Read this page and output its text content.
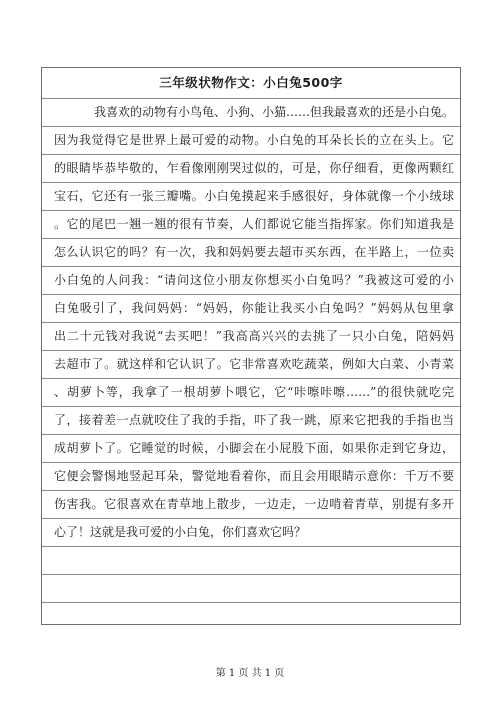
三年级状物作文：小白兔500字
我喜欢的动物有小鸟龟、小狗、小猫……但我最喜欢的还是小白兔。
因为我觉得它是世界上最可爱的动物。小白兔的耳朵长长的立在头上。它
的眼睛毕恭毕敬的，乍看像刚刚哭过似的，可是，你仔细看，更像两颗红
宝石，它还有一张三瓣嘴。小白兔摸起来手感很好，身体就像一个小绒球
。它的尾巴一翘一翘的很有节奏，人们都说它能当指挥家。你们知道我是
怎么认识它的吗？有一次，我和妈妈要去超市买东西，在半路上，一位卖
小白兔的人问我：“请问这位小朋友你想买小白兔吗？”我被这可爱的小
白兔吸引了，我问妈妈：“妈妈，你能让我买小白兔吗？”妈妈从包里拿
出二十元钱对我说“去买吧！”我高高兴兴的去挑了一只小白兔，陪妈妈
去超市了。就这样和它认识了。它非常喜欢吃蔬菜，例如大白菜、小青菜
、胡萝卜等，我拿了一根胡萝卜喂它，它“咔嚓咔嚓……”的很快就吃完
了，接着差一点就咬住了我的手指，吓了我一跳，原来它把我的手指也当
成胡萝卜了。它睡觉的时候，小脚会在小屁股下面，如果你走到它身边，
它便会警惕地竖起耳朵，警觉地看着你，而且会用眼睛示意你：千万不要
伤害我。它很喜欢在青草地上散步，一边走，一边啃着青草，别提有多开
心了！这就是我可爱的小白兔，你们喜欢它吗？
第 1 页 共 1 页
